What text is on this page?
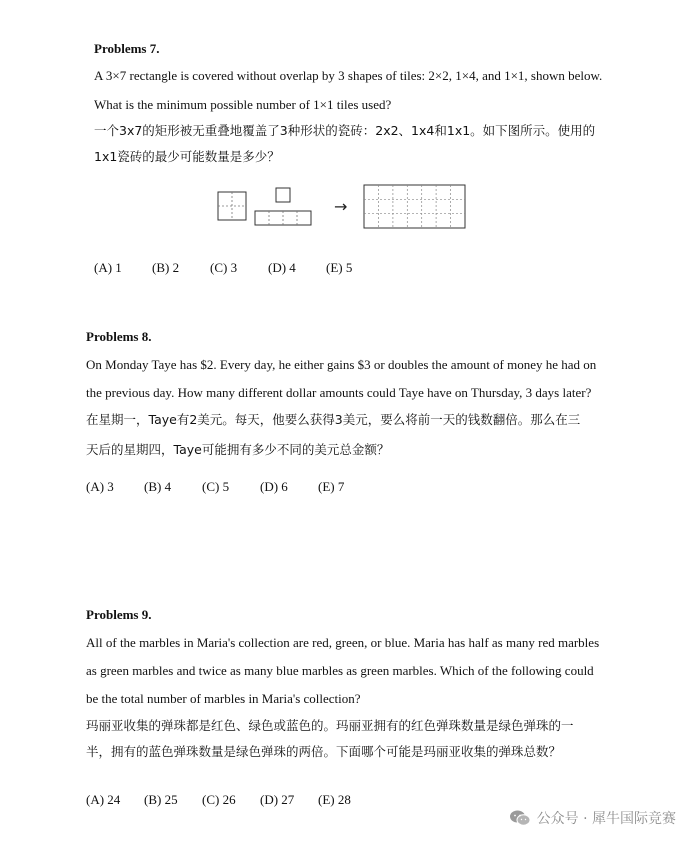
Problems 7.
A 3×7 rectangle is covered without overlap by 3 shapes of tiles: 2×2, 1×4, and 1×1, shown below.
What is the minimum possible number of 1×1 tiles used?
一个3x7的矩形被无重叠地覆盖了3种形状的瓷砖：2x2、1x4和1x1。如下图所示。使用的
1x1瓷砖的最少可能数量是多少？
→
(A) 1 (B) 2 (C) 3 (D) 4 (E) 5
Problems 8.
On Monday Taye has $2. Every day, he either gains $3 or doubles the amount of money he had on
the previous day. How many different dollar amounts could Taye have on Thursday, 3 days later?
在星期一，Taye有2美元。每天，他要么获得3美元，要么将前一天的钱数翻倍。那么在三
天后的星期四，Taye可能拥有多少不同的美元总金额？
(A) 3 (B) 4 (C) 5 (D) 6 (E) 7
Problems 9.
All of the marbles in Maria's collection are red, green, or blue. Maria has half as many red marbles
as green marbles and twice as many blue marbles as green marbles. Which of the following could
be the total number of marbles in Maria's collection?
玛丽亚收集的弹珠都是红色、绿色或蓝色的。玛丽亚拥有的红色弹珠数量是绿色弹珠的一
半，拥有的蓝色弹珠数量是绿色弹珠的两倍。下面哪个可能是玛丽亚收集的弹珠总数？
(A) 24 (B) 25 (C) 26 (D) 27 (E) 28
公众号 · 犀牛国际竞赛
